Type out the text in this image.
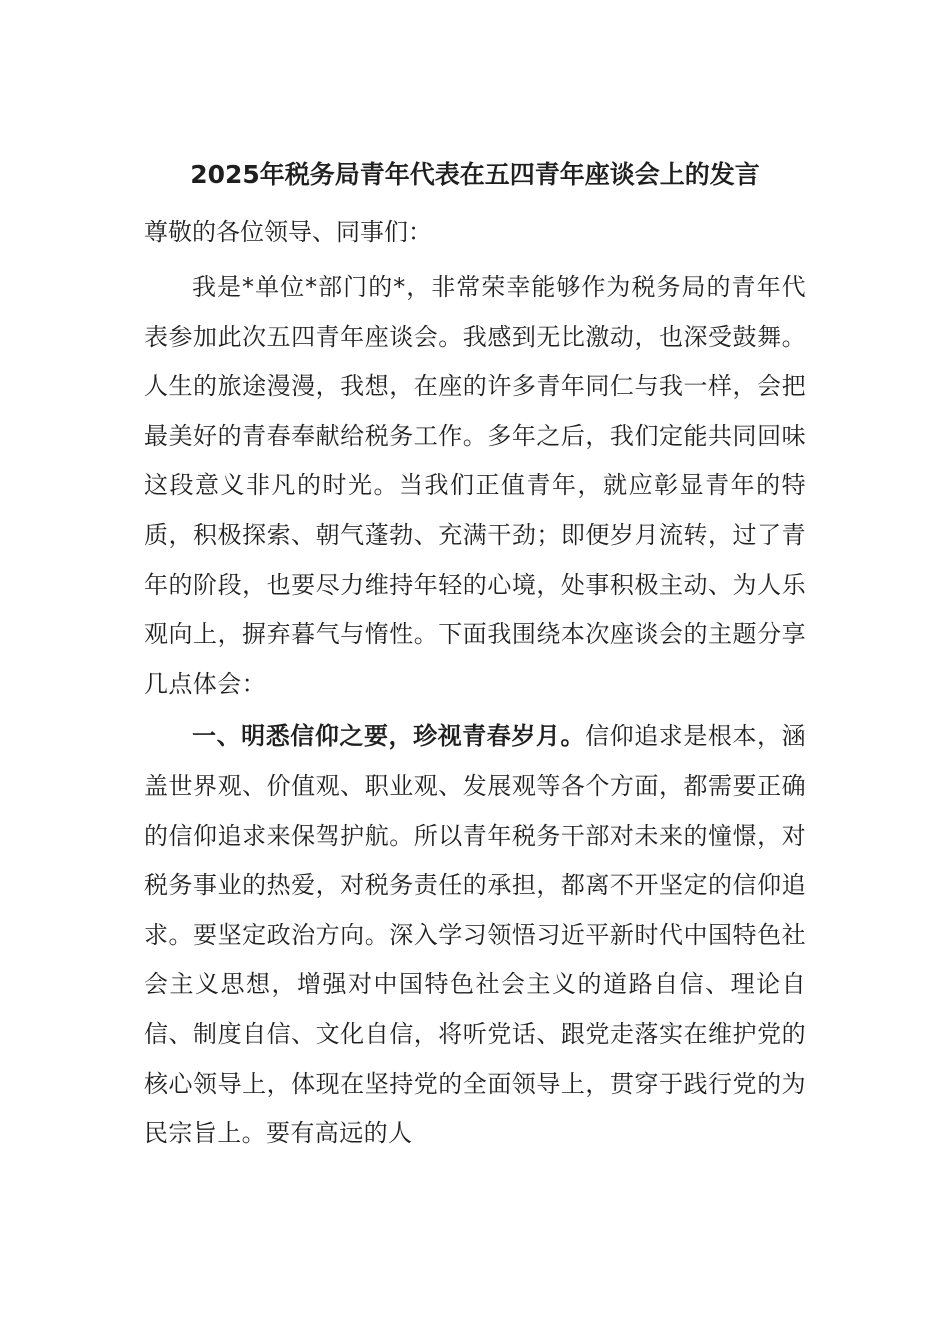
2025年税务局青年代表在五四青年座谈会上的发言

尊敬的各位领导、同事们：

我是*单位*部门的*，非常荣幸能够作为税务局的青年代表参加此次五四青年座谈会。我感到无比激动，也深受鼓舞。人生的旅途漫漫，我想，在座的许多青年同仁与我一样，会把最美好的青春奉献给税务工作。多年之后，我们定能共同回味这段意义非凡的时光。当我们正值青年，就应彰显青年的特质，积极探索、朝气蓬勃、充满干劲；即便岁月流转，过了青年的阶段，也要尽力维持年轻的心境，处事积极主动、为人乐观向上，摒弃暮气与惰性。下面我围绕本次座谈会的主题分享几点体会：

一、明悉信仰之要，珍视青春岁月。信仰追求是根本，涵盖世界观、价值观、职业观、发展观等各个方面，都需要正确的信仰追求来保驾护航。所以青年税务干部对未来的憧憬，对税务事业的热爱，对税务责任的承担，都离不开坚定的信仰追求。要坚定政治方向。深入学习领悟习近平新时代中国特色社会主义思想，增强对中国特色社会主义的道路自信、理论自信、制度自信、文化自信，将听党话、跟党走落实在维护党的核心领导上，体现在坚持党的全面领导上，贯穿于践行党的为民宗旨上。要有高远的人
